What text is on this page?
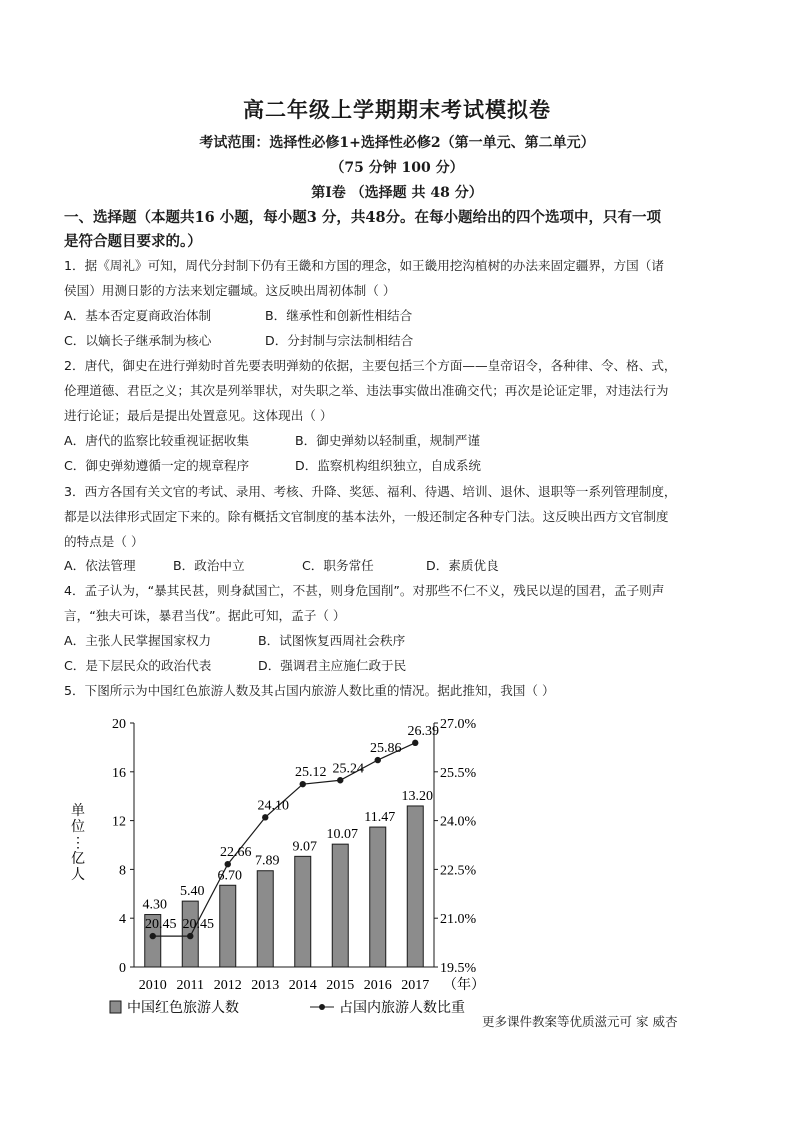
高二年级上学期期末考试模拟卷
考试范围：选择性必修1+选择性必修2（第一单元、第二单元）
（75 分钟 100 分）
第Ⅰ卷 （选择题 共 48 分）
一、选择题（本题共16 小题，每小题3 分，共48分。在每小题给出的四个选项中，只有一项
是符合题目要求的。）
1．据《周礼》可知，周代分封制下仍有王畿和方国的理念，如王畿用挖沟植树的办法来固定疆界，方国（诸
侯国）用测日影的方法来划定疆域。这反映出周初体制（ ）
A．基本否定夏商政治体制	B．继承性和创新性相结合
C．以嫡长子继承制为核心	D．分封制与宗法制相结合
2．唐代，御史在进行弹劾时首先要表明弹劾的依据，主要包括三个方面——皇帝诏令，各种律、令、格、式，
伦理道德、君臣之义；其次是列举罪状，对失职之举、违法事实做出准确交代；再次是论证定罪，对违法行为
进行论证；最后是提出处置意见。这体现出（ ）
A．唐代的监察比较重视证据收集	B．御史弹劾以轻制重，规制严谨
C．御史弹劾遵循一定的规章程序	D．监察机构组织独立，自成系统
3．西方各国有关文官的考试、录用、考核、升降、奖惩、福利、待遇、培训、退休、退职等一系列管理制度，
都是以法律形式固定下来的。除有概括文官制度的基本法外，一般还制定各种专门法。这反映出西方文官制度
的特点是（ ）
A．依法管理	B．政治中立	C．职务常任	D．素质优良
4．孟子认为，“暴其民甚，则身弑国亡，不甚，则身危国削”。对那些不仁不义，残民以逞的国君，孟子则声
言，“独夫可诛，暴君当伐”。据此可知，孟子（ ）
A．主张人民掌握国家权力	B．试图恢复西周社会秩序
C．是下层民众的政治代表	D．强调君主应施仁政于民
5．下图所示为中国红色旅游人数及其占国内旅游人数比重的情况。据此推知，我国（ ）
0
4
8
12
16
20
19.5%
21.0%
22.5%
24.0%
25.5%
27.0%
单位⋮亿人
2010 2011 2012 2013 2014 2015 2016 2017 （年）
4.30
5.40
6.70
7.89
9.07
10.07
11.47
13.20
20.45 20.45
22.66
24.10
25.12 25.24
25.86
26.39
中国红色旅游人数	占国内旅游人数比重
更多课件教案等优质滋元可 家 威杏
